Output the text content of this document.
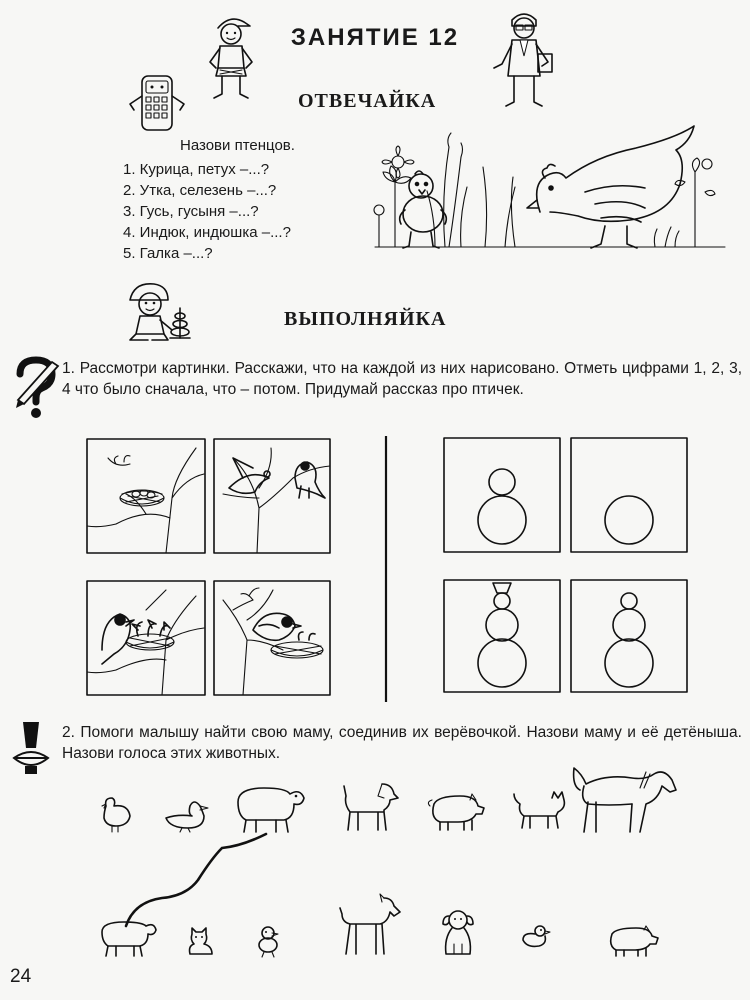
ЗАНЯТИЕ 12
ОТВЕЧАЙКА
Назови птенцов.
1. Курица, петух –...?
2. Утка, селезень –...?
3. Гусь, гусыня –...?
4. Индюк, индюшка –...?
5. Галка –...?
ВЫПОЛНЯЙКА
1. Рассмотри картинки. Расскажи, что на каждой из них нарисовано. Отметь цифрами 1, 2, 3, 4 что было сначала, что – потом. Придумай рассказ про птичек.
2. Помоги малышу найти свою маму, соединив их верёвочкой. Назови маму и её детёныша. Назови голоса этих животных.
24
